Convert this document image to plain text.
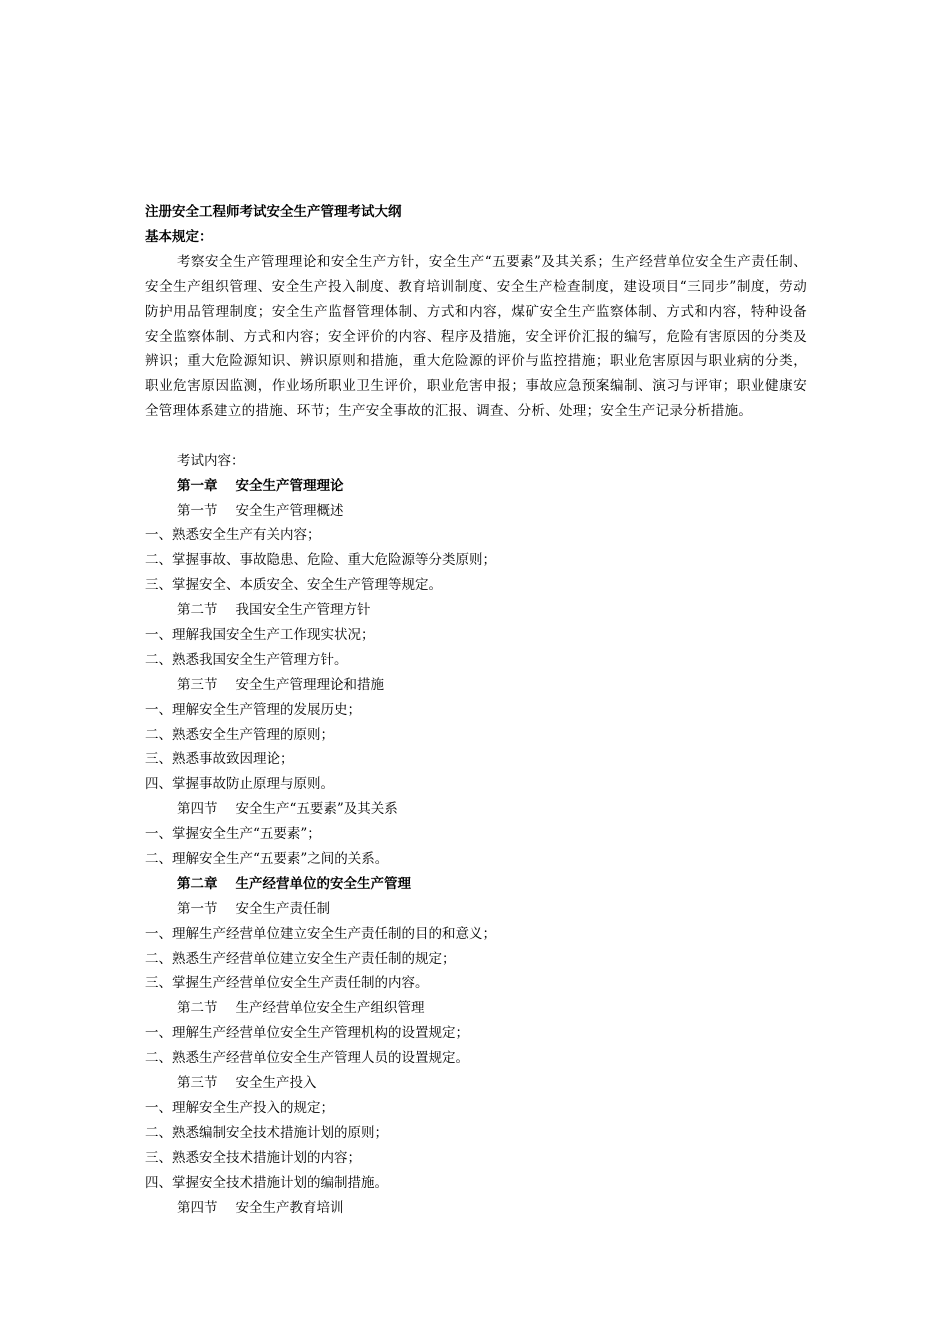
注册安全工程师考试安全生产管理考试大纲
基本规定：
考察安全生产管理理论和安全生产方针，安全生产“五要素”及其关系；生产经营单位安全生产责任制、安全生产组织管理、安全生产投入制度、教育培训制度、安全生产检查制度，建设项目“三同步”制度，劳动防护用品管理制度；安全生产监督管理体制、方式和内容，煤矿安全生产监察体制、方式和内容，特种设备安全监察体制、方式和内容；安全评价的内容、程序及措施，安全评价汇报的编写，危险有害原因的分类及辨识；重大危险源知识、辨识原则和措施，重大危险源的评价与监控措施；职业危害原因与职业病的分类，职业危害原因监测，作业场所职业卫生评价，职业危害申报；事故应急预案编制、演习与评审；职业健康安全管理体系建立的措施、环节；生产安全事故的汇报、调查、分析、处理；安全生产记录分析措施。
考试内容：
第一章 安全生产管理理论
第一节 安全生产管理概述
一、熟悉安全生产有关内容；
二、掌握事故、事故隐患、危险、重大危险源等分类原则；
三、掌握安全、本质安全、安全生产管理等规定。
第二节 我国安全生产管理方针
一、理解我国安全生产工作现实状况；
二、熟悉我国安全生产管理方针。
第三节 安全生产管理理论和措施
一、理解安全生产管理的发展历史；
二、熟悉安全生产管理的原则；
三、熟悉事故致因理论；
四、掌握事故防止原理与原则。
第四节 安全生产“五要素”及其关系
一、掌握安全生产“五要素”；
二、理解安全生产“五要素”之间的关系。
第二章 生产经营单位的安全生产管理
第一节 安全生产责任制
一、理解生产经营单位建立安全生产责任制的目的和意义；
二、熟悉生产经营单位建立安全生产责任制的规定；
三、掌握生产经营单位安全生产责任制的内容。
第二节 生产经营单位安全生产组织管理
一、理解生产经营单位安全生产管理机构的设置规定；
二、熟悉生产经营单位安全生产管理人员的设置规定。
第三节 安全生产投入
一、理解安全生产投入的规定；
二、熟悉编制安全技术措施计划的原则；
三、熟悉安全技术措施计划的内容；
四、掌握安全技术措施计划的编制措施。
第四节 安全生产教育培训
